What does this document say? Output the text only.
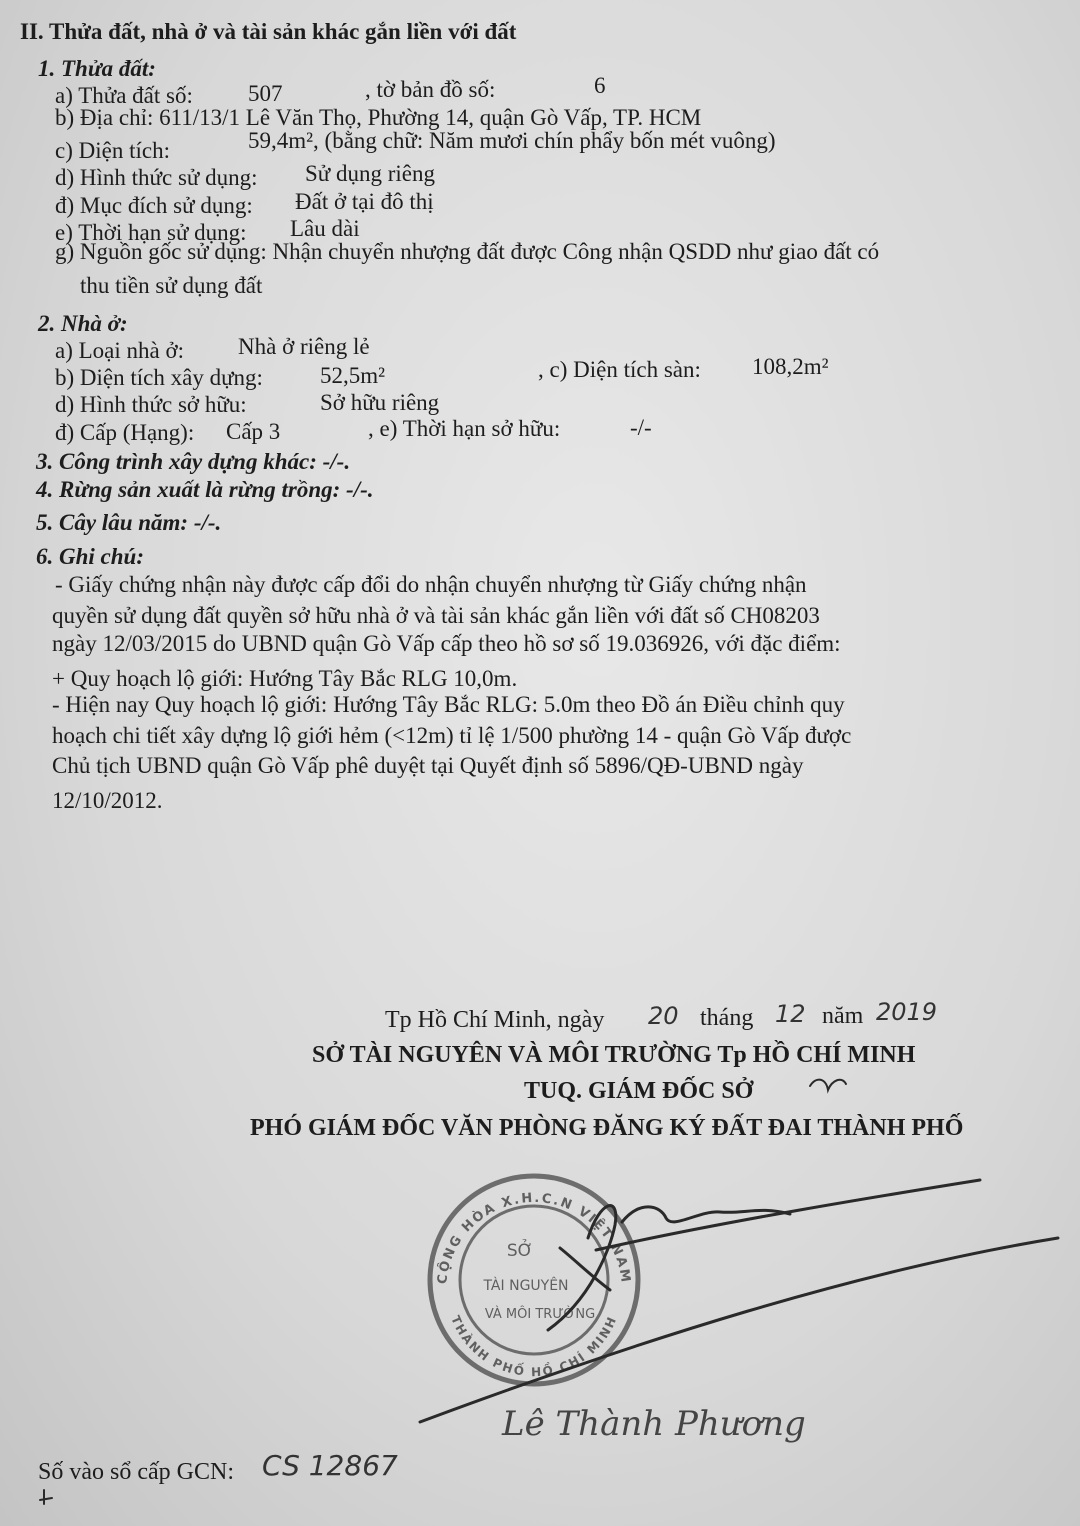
II. Thửa đất, nhà ở và tài sản khác gắn liền với đất
1. Thửa đất:
a) Thửa đất số: 507	, tờ bản đồ số:	6
b) Địa chỉ: 611/13/1 Lê Văn Thọ, Phường 14, quận Gò Vấp, TP. HCM
c) Diện tích:	59,4m², (bằng chữ: Năm mươi chín phẩy bốn mét vuông)
d) Hình thức sử dụng: Sử dụng riêng
đ) Mục đích sử dụng: Đất ở tại đô thị
e) Thời hạn sử dụng: Lâu dài
g) Nguồn gốc sử dụng: Nhận chuyển nhượng đất được Công nhận QSDD như giao đất có
thu tiền sử dụng đất
2. Nhà ở:
a) Loại nhà ở: Nhà ở riêng lẻ
b) Diện tích xây dựng: 52,5m²	, c) Diện tích sàn: 108,2m²
d) Hình thức sở hữu:	Sở hữu riêng
đ) Cấp (Hạng): Cấp 3	, e) Thời hạn sở hữu:	-/-
3. Công trình xây dựng khác: -/-.
4. Rừng sản xuất là rừng trồng: -/-.
5. Cây lâu năm: -/-.
6. Ghi chú:
- Giấy chứng nhận này được cấp đổi do nhận chuyển nhượng từ Giấy chứng nhận
quyền sử dụng đất quyền sở hữu nhà ở và tài sản khác gắn liền với đất số CH08203
ngày 12/03/2015 do UBND quận Gò Vấp cấp theo hồ sơ số 19.036926, với đặc điểm:
+ Quy hoạch lộ giới: Hướng Tây Bắc RLG 10,0m.
- Hiện nay Quy hoạch lộ giới: Hướng Tây Bắc RLG: 5.0m theo Đồ án Điều chỉnh quy
hoạch chi tiết xây dựng lộ giới hẻm (<12m) tỉ lệ 1/500 phường 14 - quận Gò Vấp được
Chủ tịch UBND quận Gò Vấp phê duyệt tại Quyết định số 5896/QĐ-UBND ngày
12/10/2012.
Tp Hồ Chí Minh, ngày 20 tháng 12 năm 2019
SỞ TÀI NGUYÊN VÀ MÔI TRƯỜNG Tp HỒ CHÍ MINH
TUQ. GIÁM ĐỐC SỞ
PHÓ GIÁM ĐỐC VĂN PHÒNG ĐĂNG KÝ ĐẤT ĐAI THÀNH PHỐ
CỘNG HÒA X.H.C.N VIỆT NAM
THÀNH PHỐ HỒ CHÍ MINH
SỞ
TÀI NGUYÊN
VÀ MÔI TRƯỜNG
Lê Thành Phương
Số vào sổ cấp GCN: CS 12867
